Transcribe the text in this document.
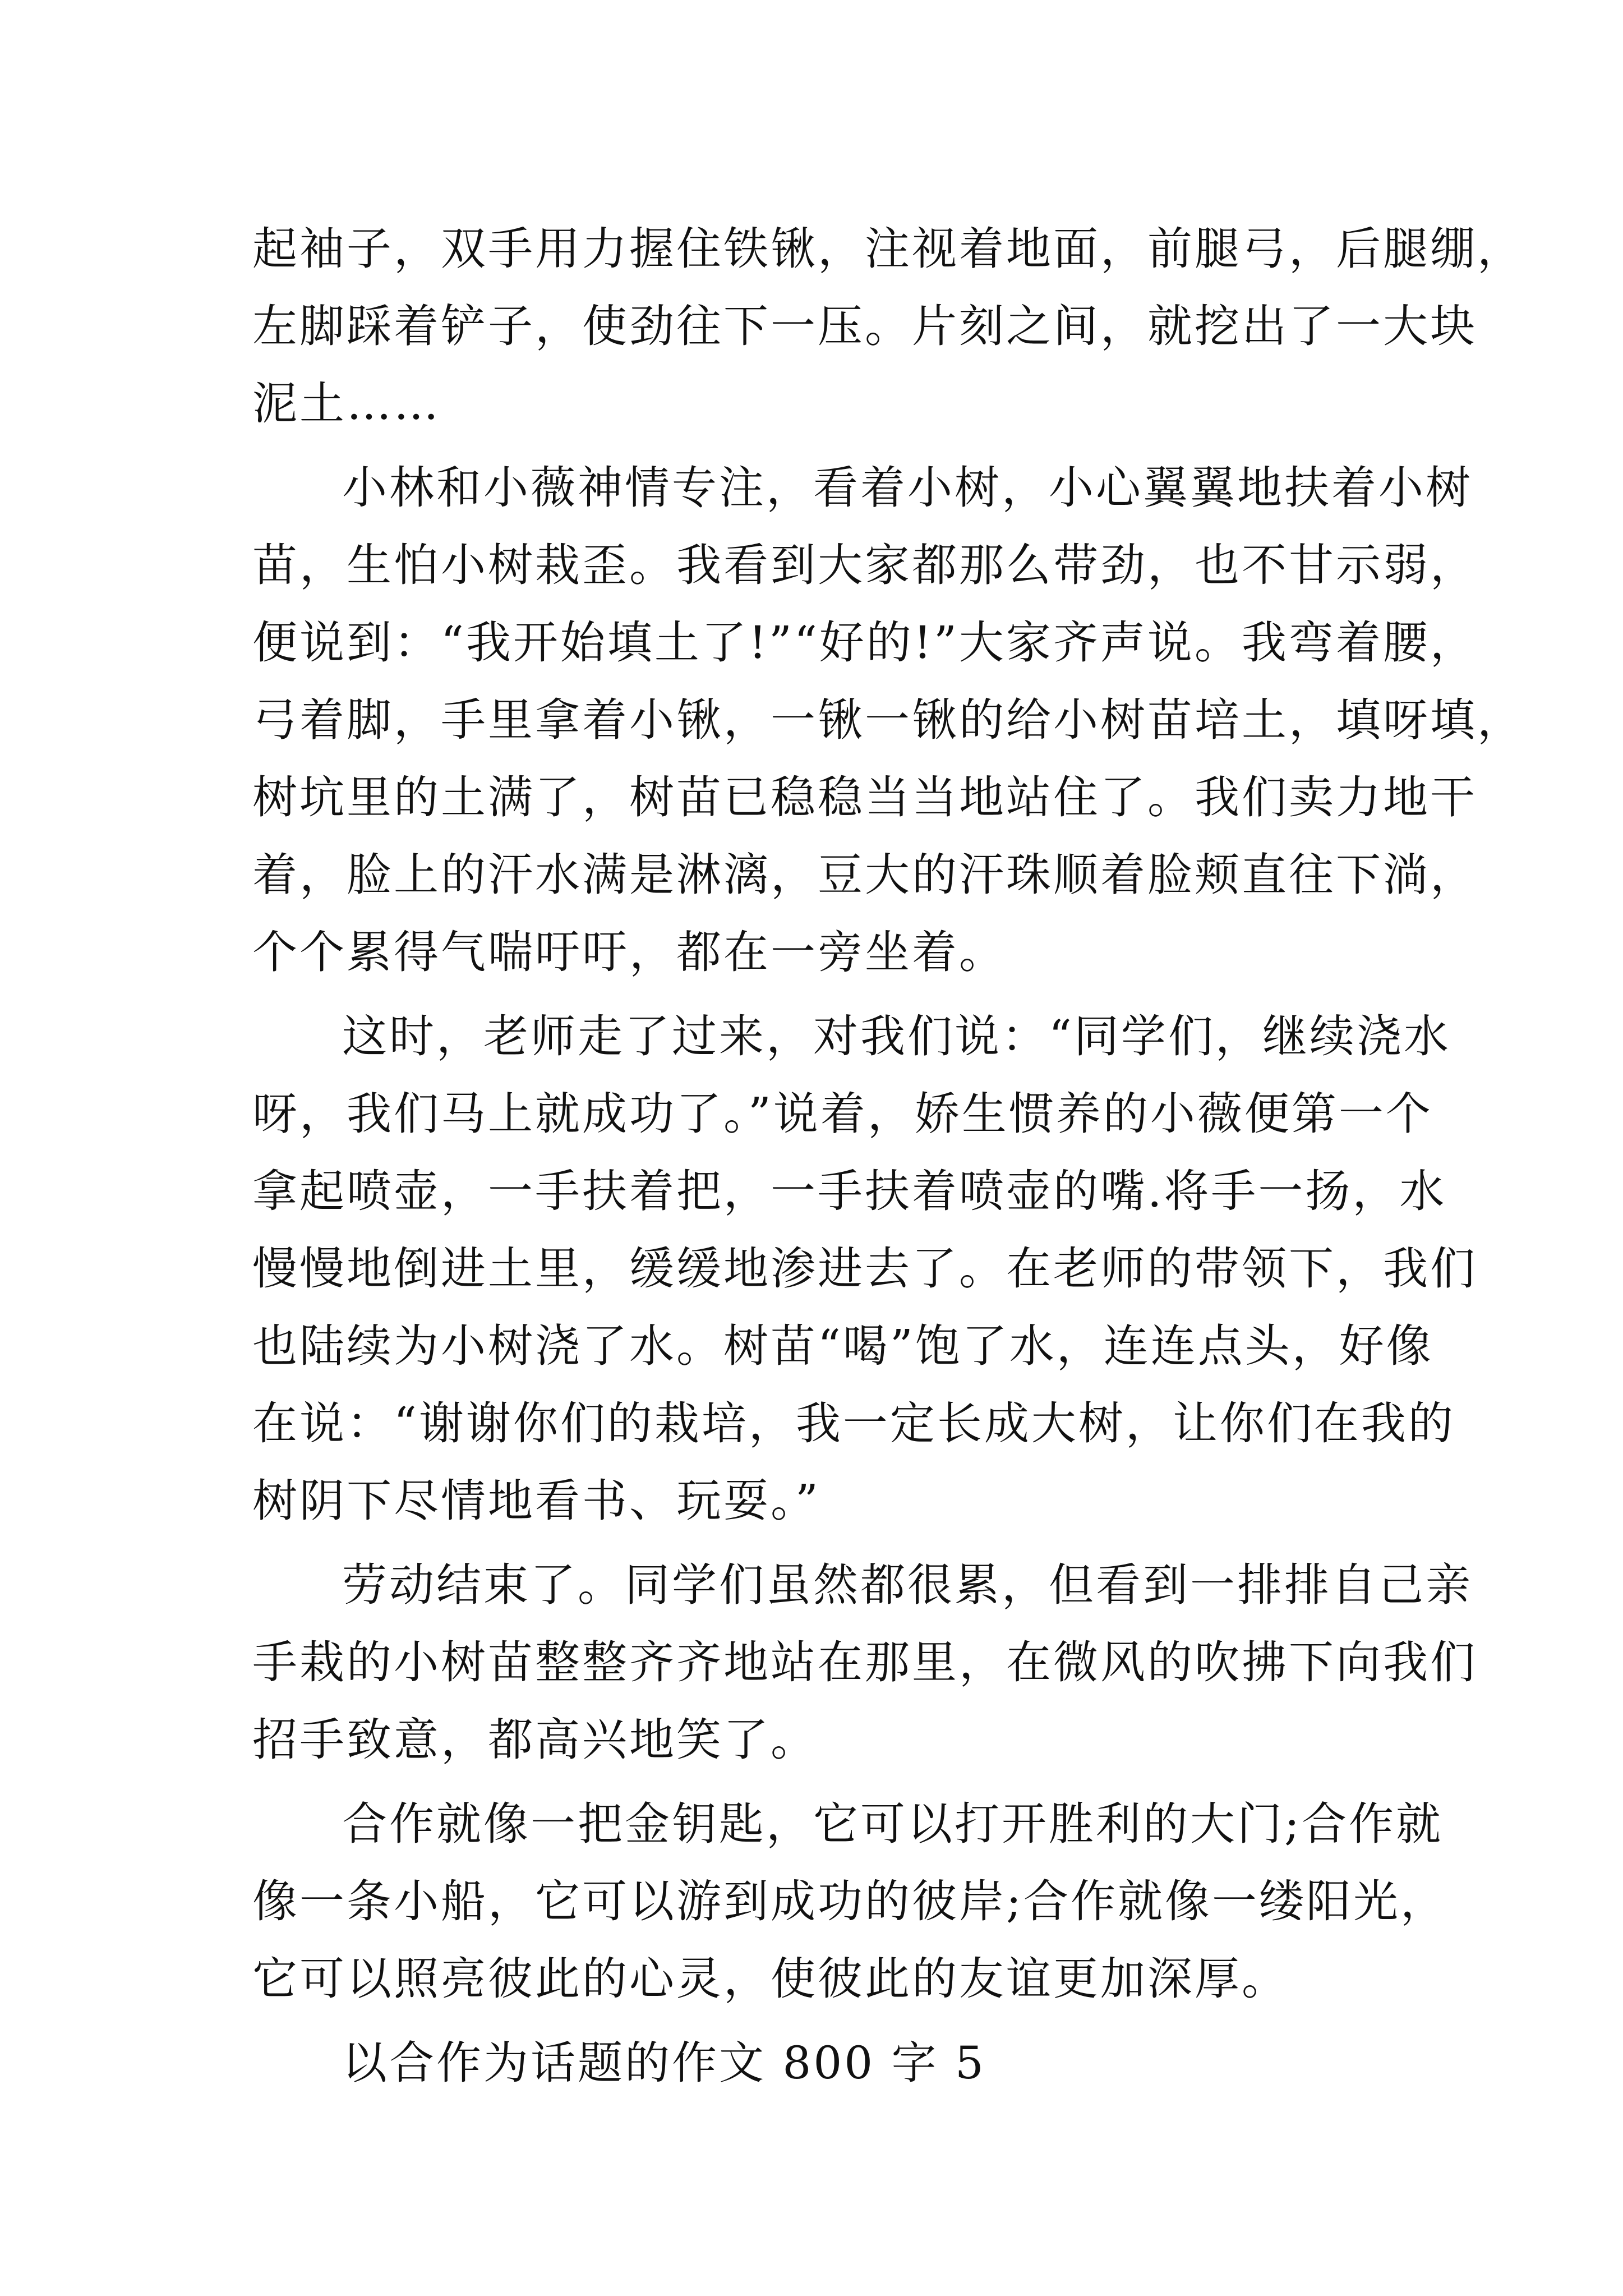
起袖子，双手用力握住铁锹，注视着地面，前腿弓，后腿绷，
左脚踩着铲子，使劲往下一压。片刻之间，就挖出了一大块
泥土……
小林和小薇神情专注，看着小树，小心翼翼地扶着小树
苗，生怕小树栽歪。我看到大家都那么带劲，也不甘示弱，
便说到：“我开始填土了!”“好的!”大家齐声说。我弯着腰，
弓着脚，手里拿着小锹，一锹一锹的给小树苗培土，填呀填，
树坑里的土满了，树苗已稳稳当当地站住了。我们卖力地干
着，脸上的汗水满是淋漓，豆大的汗珠顺着脸颊直往下淌，
个个累得气喘吁吁，都在一旁坐着。
这时，老师走了过来，对我们说：“同学们，继续浇水
呀，我们马上就成功了。”说着，娇生惯养的小薇便第一个
拿起喷壶，一手扶着把，一手扶着喷壶的嘴.将手一扬，水
慢慢地倒进土里，缓缓地渗进去了。在老师的带领下，我们
也陆续为小树浇了水。树苗“喝”饱了水，连连点头，好像
在说：“谢谢你们的栽培，我一定长成大树，让你们在我的
树阴下尽情地看书、玩耍。”
劳动结束了。同学们虽然都很累，但看到一排排自己亲
手栽的小树苗整整齐齐地站在那里，在微风的吹拂下向我们
招手致意，都高兴地笑了。
合作就像一把金钥匙，它可以打开胜利的大门;合作就
像一条小船，它可以游到成功的彼岸;合作就像一缕阳光，
它可以照亮彼此的心灵，使彼此的友谊更加深厚。
以合作为话题的作文 800 字 5
